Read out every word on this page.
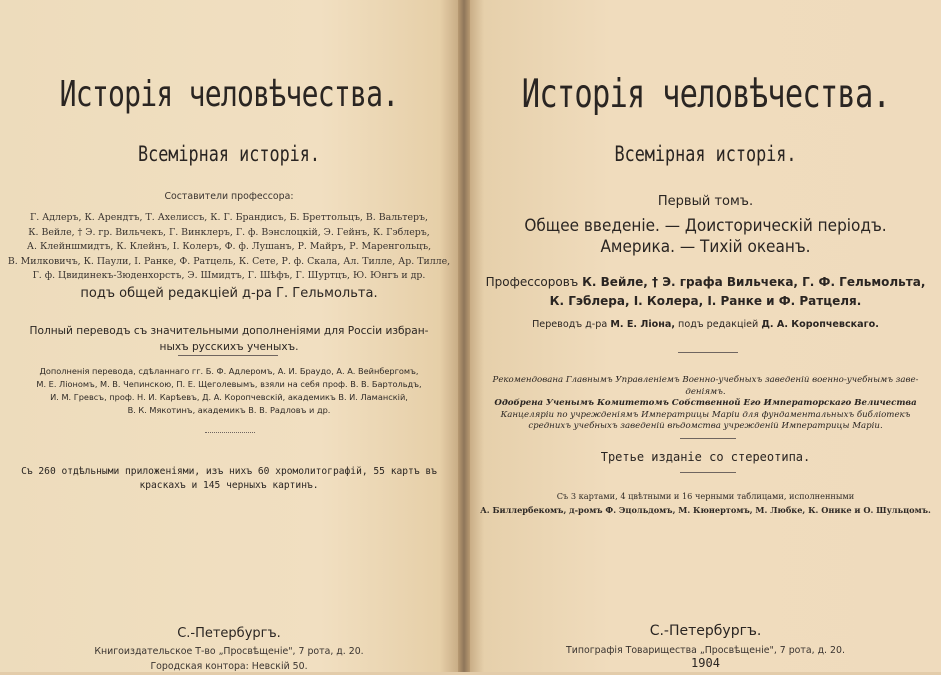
Исторія человѣчества.
Всемірная исторія.
Составители профессора:
Г. Адлеръ, К. Арендтъ, Т. Ахелиссъ, К. Г. Брандисъ, Б. Бреттольцъ, В. Вальтеръ,
К. Вейле, † Э. гр. Вильчекъ, Г. Винклеръ, Г. ф. Вэнслоцкій, Э. Гейнъ, К. Гэблеръ,
А. Клейншмидтъ, К. Клейнъ, I. Колеръ, Ф. ф. Лушанъ, Р. Майръ, Р. Маренгольцъ,
В. Милковичъ, К. Паули, I. Ранке, Ф. Ратцель, К. Сете, Р. ф. Скала, Ал. Тилле, Ар. Тилле,
Г. ф. Цвидинекъ-Зюденхорстъ, Э. Шмидтъ, Г. Шѣфъ, Г. Шуртцъ, Ю. Юнгъ и др.
подъ общей редакціей д-ра Г. Гельмольта.
Полный переводъ съ значительными дополненіями для Россіи избран-
ныхъ русскихъ ученыхъ.
Дополненія перевода, сдѣланнаго гг. Б. Ф. Адлеромъ, А. И. Браудо, А. А. Вейнбергомъ,
М. Е. Ліономъ, М. В. Чепинскою, П. Е. Щеголевымъ, взяли на себя проф. В. В. Бартольдъ,
И. М. Гревсъ, проф. Н. И. Карѣевъ, Д. А. Коропчевскій, академикъ В. И. Ламанскій,
В. К. Мякотинъ, академикъ В. В. Радловъ и др.
Съ 260 отдѣльными приложеніями, изъ нихъ 60 хромолитографій, 55 картъ въ
краскахъ и 145 черныхъ картинъ.
С.-Петербургъ.
Книгоиздательское Т-во „Просвѣщеніе", 7 рота, д. 20.
Городская контора: Невскій 50.
Исторія человѣчества.
Всемірная исторія.
Первый томъ.
Общее введеніе. — Доисторическій періодъ.
Америка. — Тихій океанъ.
Профессоровъ К. Вейле, † Э. графа Вильчека, Г. Ф. Гельмольта,
К. Гэблера, I. Колера, I. Ранке и Ф. Ратцеля.
Переводъ д-ра М. Е. Ліона, подъ редакціей Д. А. Коропчевскаго.
Рекомендована Главнымъ Управленіемъ Военно-учебныхъ заведеній военно-учебнымъ заве-
деніямъ.
Одобрена Ученымъ Комитетомъ Собственной Его Императорскаго Величества
Канцеляріи по учрежденіямъ Императрицы Маріи для фундаментальныхъ библіотекъ
среднихъ учебныхъ заведеній вѣдомства учрежденій Императрицы Маріи.
Третье изданіе со стереотипа.
Съ 3 картами, 4 цвѣтными и 16 черными таблицами, исполненными
А. Биллербекомъ, д-ромъ Ф. Эцольдомъ, М. Кюнертомъ, М. Любке, К. Онике и О. Шульцомъ.
С.-Петербургъ.
Типографія Товарищества „Просвѣщеніе", 7 рота, д. 20.
1904
